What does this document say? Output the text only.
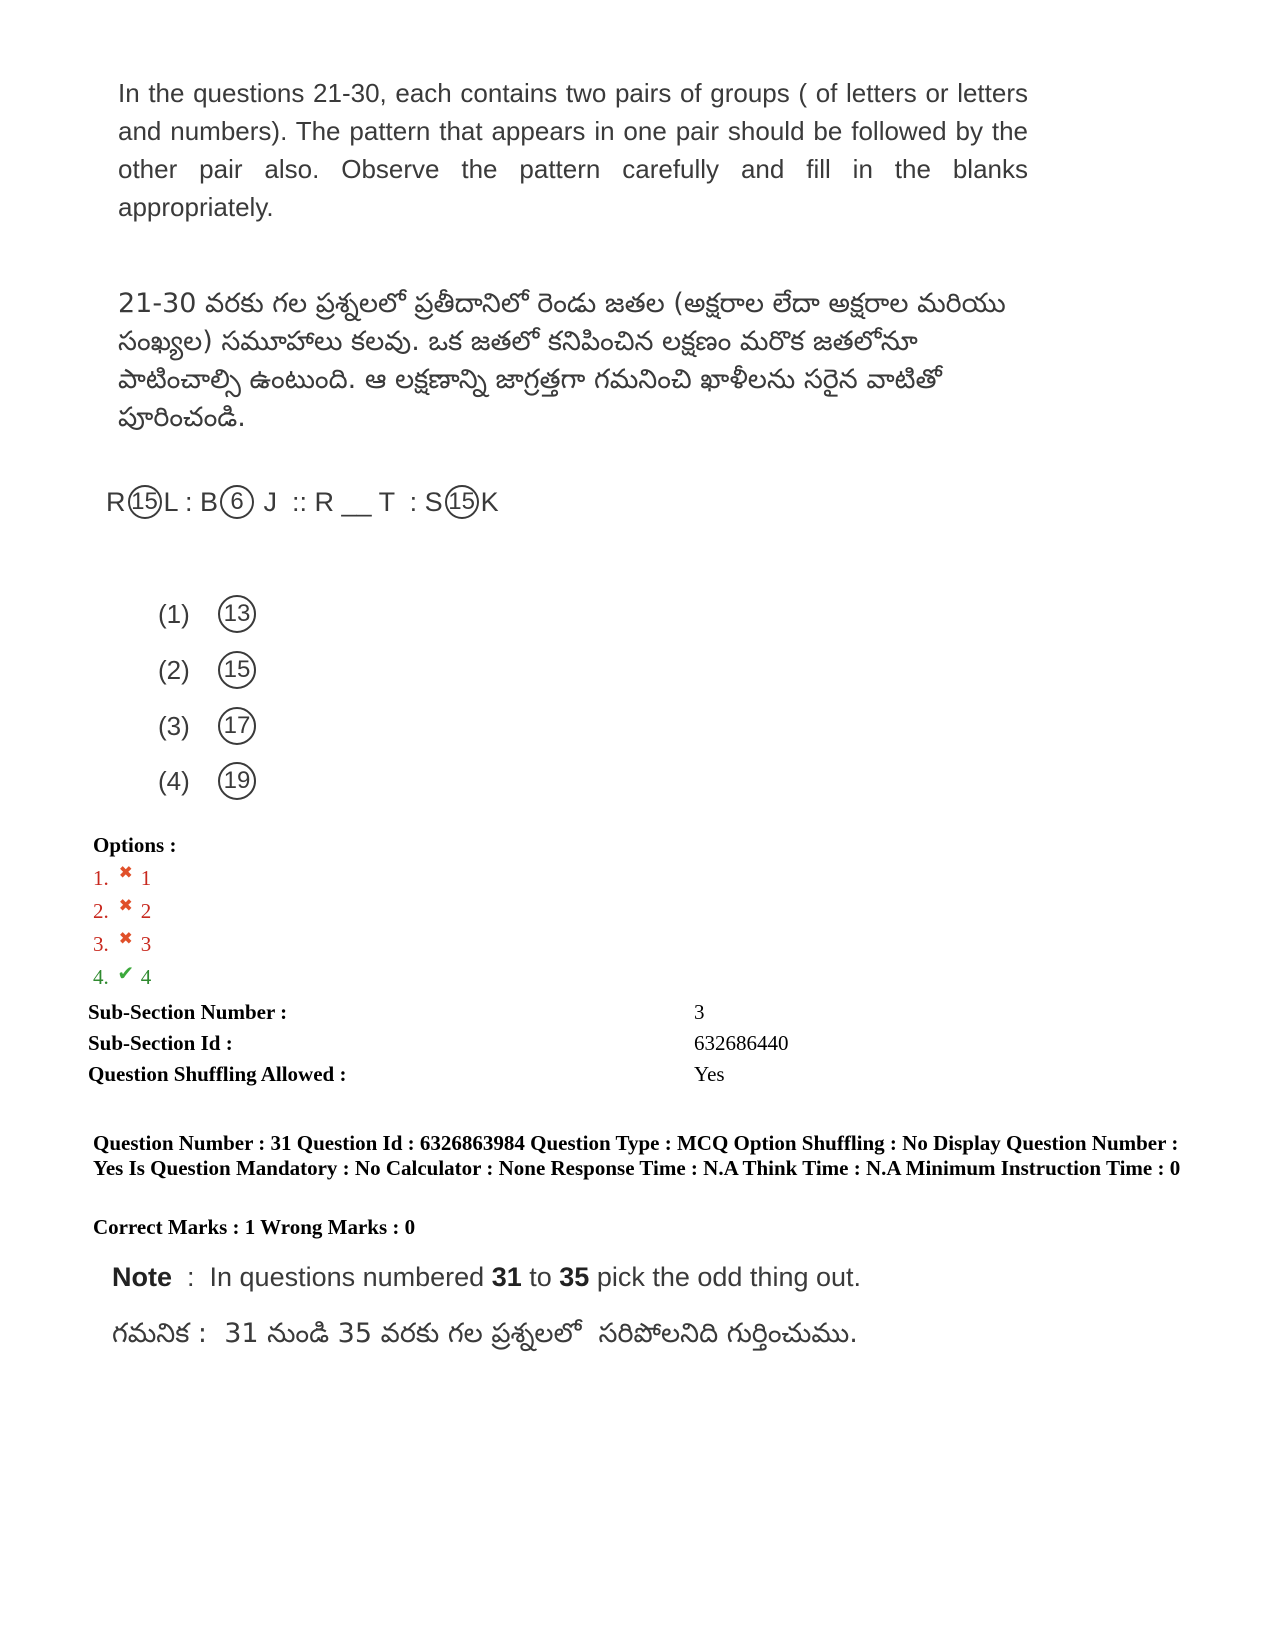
In the questions 21-30, each contains two pairs of groups ( of letters or letters and numbers). The pattern that appears in one pair should be followed by the other pair also. Observe the pattern carefully and fill in the blanks appropriately.
21-30 వరకు గల ప్రశ్నలలో ప్రతీదానిలో రెండు జతల (అక్షరాల లేదా అక్షరాల మరియు సంఖ్యల) సమూహాలు కలవు. ఒక జతలో కనిపించిన లక్షణం మరొక జతలోనూ పాటించాల్సి ఉంటుంది. ఆ లక్షణాన్ని జాగ్రత్తగా గమనించి ఖాళీలను సరైన వాటితో పూరించండి.
R 15 L : B 6 J  :: R __ T  : S 15 K
(1)	13
(2)	15
(3)	17
(4)	19
Options :
1. ✖ 1
2. ✖ 2
3. ✖ 3
4. ✔ 4
Sub-Section Number :	3
Sub-Section Id :	632686440
Question Shuffling Allowed :	Yes
Question Number : 31 Question Id : 6326863984 Question Type : MCQ Option Shuffling : No Display Question Number : Yes Is Question Mandatory : No Calculator : None Response Time : N.A Think Time : N.A Minimum Instruction Time : 0
Correct Marks : 1 Wrong Marks : 0
Note  :  In questions numbered 31 to 35 pick the odd thing out.
గమనిక :  31 నుండి 35 వరకు గల ప్రశ్నలలో  సరిపోలనిది గుర్తించుము.
